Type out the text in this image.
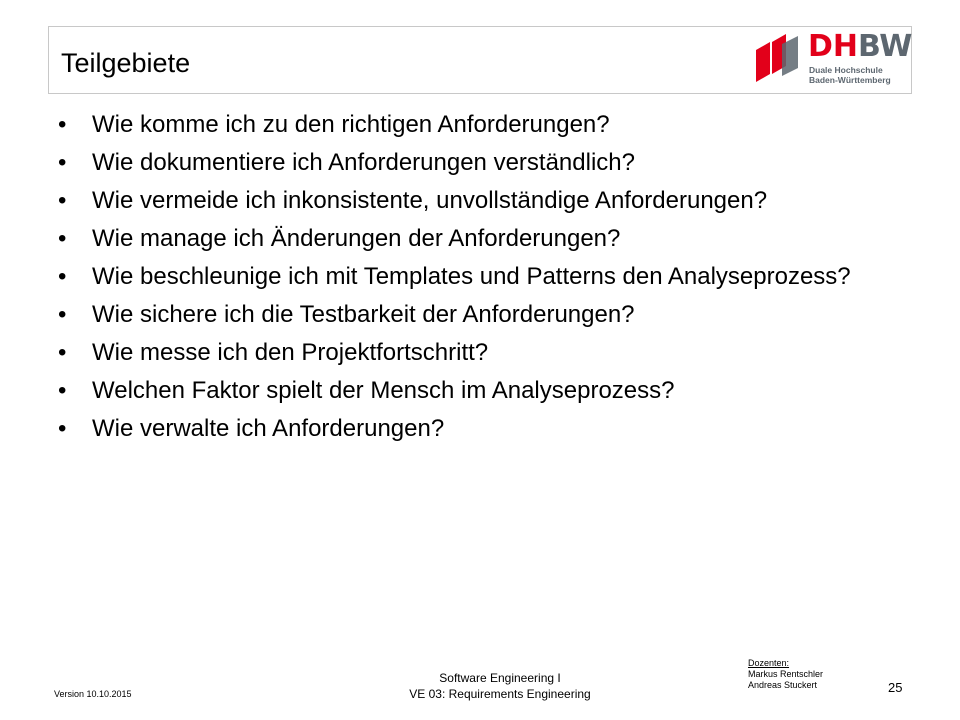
Teilgebiete	DHBW
Duale Hochschule
Baden-Württemberg
• Wie komme ich zu den richtigen Anforderungen?
• Wie dokumentiere ich Anforderungen verständlich?
• Wie vermeide ich inkonsistente, unvollständige Anforderungen?
• Wie manage ich Änderungen der Anforderungen?
• Wie beschleunige ich mit Templates und Patterns den Analyseprozess?
• Wie sichere ich die Testbarkeit der Anforderungen?
• Wie messe ich den Projektfortschritt?
• Welchen Faktor spielt der Mensch im Analyseprozess?
• Wie verwalte ich Anforderungen?
Version 10.10.2015
Software Engineering I
VE 03: Requirements Engineering
Dozenten:
Markus Rentschler
Andreas Stuckert	25
